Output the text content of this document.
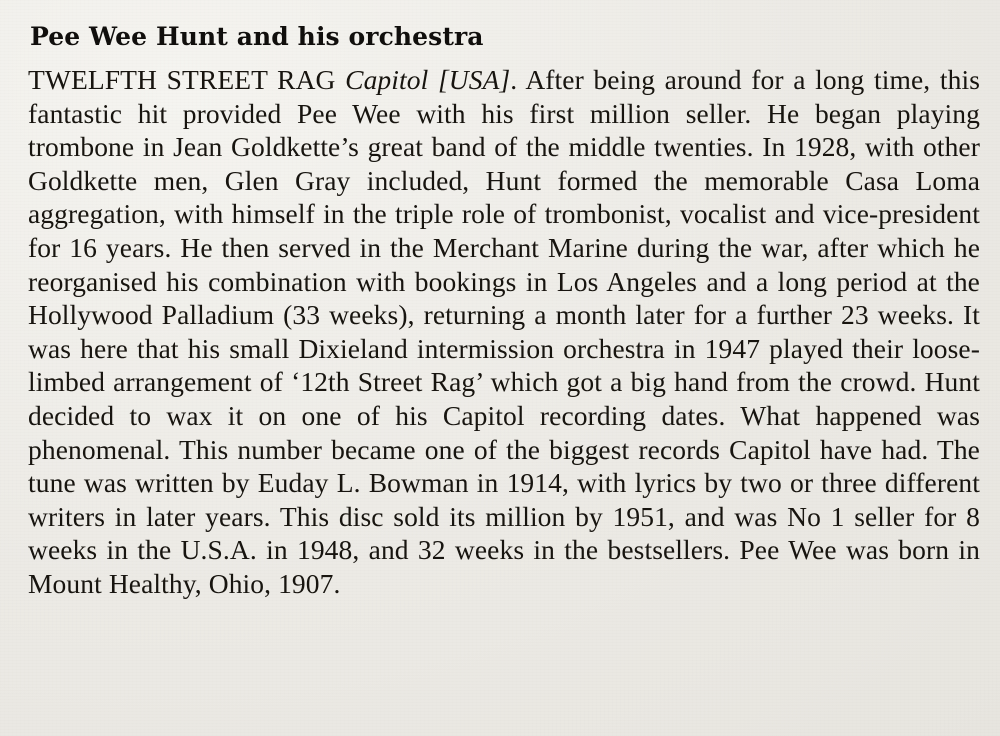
Pee Wee Hunt and his orchestra

TWELFTH STREET RAG Capitol [USA]. After being around for a long time, this fantastic hit provided Pee Wee with his first million seller. He began playing trombone in Jean Goldkette’s great band of the middle twenties. In 1928, with other Goldkette men, Glen Gray included, Hunt formed the memorable Casa Loma aggregation, with himself in the triple role of trombonist, vocalist and vice-president for 16 years. He then served in the Merchant Marine during the war, after which he reorganised his combination with bookings in Los Angeles and a long period at the Hollywood Palladium (33 weeks), returning a month later for a further 23 weeks. It was here that his small Dixieland intermission orchestra in 1947 played their loose-limbed arrangement of ‘12th Street Rag’ which got a big hand from the crowd. Hunt decided to wax it on one of his Capitol recording dates. What happened was phenomenal. This number became one of the biggest records Capitol have had. The tune was written by Euday L. Bowman in 1914, with lyrics by two or three different writers in later years. This disc sold its million by 1951, and was No 1 seller for 8 weeks in the U.S.A. in 1948, and 32 weeks in the bestsellers. Pee Wee was born in Mount Healthy, Ohio, 1907.
